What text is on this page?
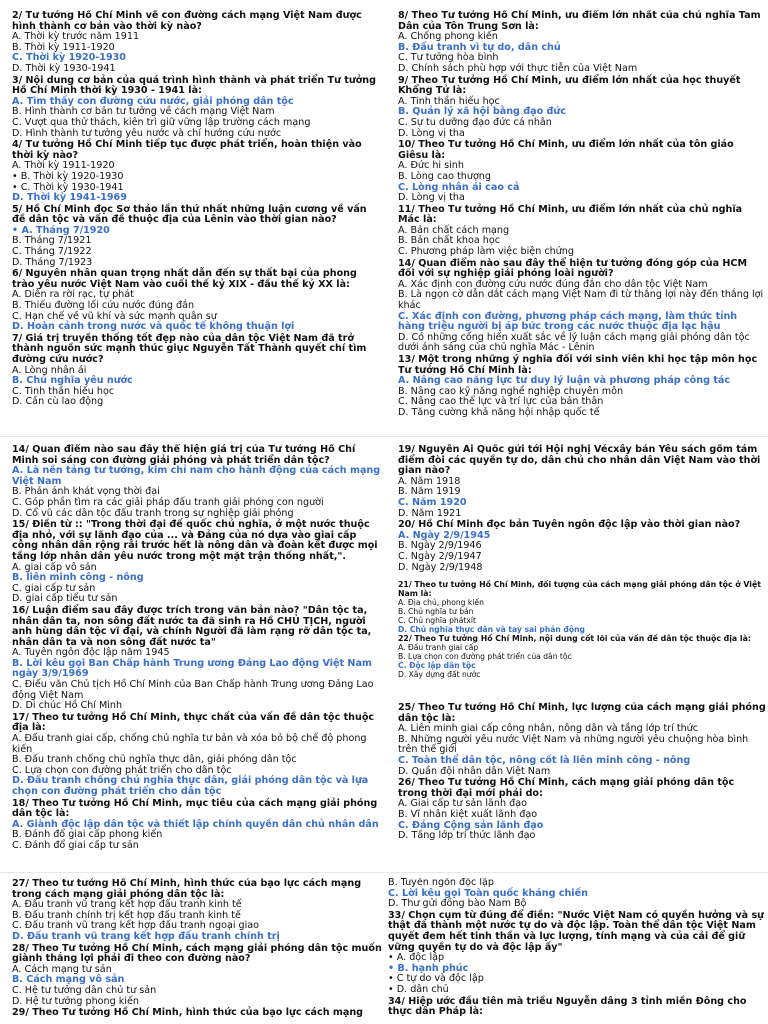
2/ Tư tưởng Hồ Chí Minh về con đường cách mạng Việt Nam được hình thành cơ bản vào thời kỳ nào?
A. Thời kỳ trước năm 1911
B. Thời kỳ 1911-1920
C. Thời kỳ 1920-1930
D. Thời kỳ 1930-1941
3/ Nội dung cơ bản của quá trình hình thành và phát triển Tư tưởng Hồ Chí Minh thời kỳ 1930 - 1941 là:
A. Tìm thấy con đường cứu nước, giải phóng dân tộc
B. Hình thành cơ bản tư tưởng về cách mạng Việt Nam
C. Vượt qua thử thách, kiên trì giữ vững lập trường cách mạng
D. Hình thành tư tưởng yêu nước và chí hướng cứu nước
4/ Tư tưởng Hồ Chí Minh tiếp tục được phát triển, hoàn thiện vào thời kỳ nào?
A. Thời kỳ 1911-1920
• B. Thời kỳ 1920-1930
• C. Thời kỳ 1930-1941
D. Thời kỳ 1941-1969
5/ Hồ Chí Minh đọc Sơ thảo lần thứ nhất những luận cương về vấn đề dân tộc và vấn đề thuộc địa của Lênin vào thời gian nào?
• A. Tháng 7/1920
B. Tháng 7/1921
C. Tháng 7/1922
D. Tháng 7/1923
6/ Nguyên nhân quan trọng nhất dẫn đến sự thất bại của phong trào yêu nước Việt Nam vào cuối thế kỷ XIX - đầu thế kỷ XX là:
A. Diễn ra rời rạc, tự phát
B. Thiếu đường lối cứu nước đúng đắn
C. Hạn chế về vũ khí và sức mạnh quân sự
D. Hoàn cảnh trong nước và quốc tế không thuận lợi
7/ Giá trị truyền thống tốt đẹp nào của dân tộc Việt Nam đã trở thành nguồn sức mạnh thúc giục Nguyễn Tất Thành quyết chí tìm đường cứu nước?
A. Lòng nhân ái
B. Chủ nghĩa yêu nước
C. Tinh thần hiếu học
D. Cần cù lao động
8/ Theo Tư tưởng Hồ Chí Minh, ưu điểm lớn nhất của chủ nghĩa Tam Dân của Tôn Trung Sơn là:
A. Chống phong kiến
B. Đấu tranh vì tự do, dân chủ
C. Tư tưởng hòa bình
D. Chính sách phù hợp với thực tiễn của Việt Nam
9/ Theo Tư tưởng Hồ Chí Minh, ưu điểm lớn nhất của học thuyết Khổng Tử là:
A. Tinh thần hiếu học
B. Quản lý xã hội bằng đạo đức
C. Sự tu dưỡng đạo đức cá nhân
D. Lòng vị tha
10/ Theo Tư tưởng Hồ Chí Minh, ưu điểm lớn nhất của tôn giáo Giêsu là:
A. Đức hi sinh
B. Lòng cao thượng
C. Lòng nhân ái cao cả
D. Lòng vị tha
11/ Theo Tư tưởng Hồ Chí Minh, ưu điểm lớn nhất của chủ nghĩa Mác là:
A. Bản chất cách mạng
B. Bản chất khoa học
C. Phương pháp làm việc biện chứng
14/ Quan điểm nào sau đây thể hiện tư tưởng đóng góp của HCM đối với sự nghiệp giải phóng loài người?
A. Xác định con đường cứu nước đúng đắn cho dân tộc Việt Nam
B. Là ngọn cờ dẫn dắt cách mạng Việt Nam đi từ thắng lợi này đến thắng lợi khác
C. Xác định con đường, phương pháp cách mạng, làm thức tỉnh hàng triệu người bị áp bức trong các nước thuộc địa lạc hậu
D. Có những cống hiến xuất sắc về lý luận cách mạng giải phóng dân tộc dưới ánh sáng của chủ nghĩa Mác - Lênin
13/ Một trong những ý nghĩa đối với sinh viên khi học tập môn học Tư tưởng Hồ Chí Minh là:
A. Nâng cao năng lực tư duy lý luận và phương pháp công tác
B. Nâng cao kỹ năng nghề nghiệp chuyên môn
C. Nâng cao thể lực và trí lực của bản thân
D. Tăng cường khả năng hội nhập quốc tế
14/ Quan điểm nào sau đây thể hiện giá trị của Tư tưởng Hồ Chí Minh soi sáng con đường giải phóng và phát triển dân tộc?
A. Là nền tảng tư tưởng, kim chỉ nam cho hành động của cách mạng Việt Nam
B. Phản ánh khát vọng thời đại
C. Góp phần tìm ra các giải pháp đấu tranh giải phóng con người
D. Cổ vũ các dân tộc đấu tranh trong sự nghiệp giải phóng
15/ Điền từ :: "Trong thời đại đế quốc chủ nghĩa, ở một nước thuộc địa nhỏ, với sự lãnh đạo của ... và Đảng của nó dựa vào giai cấp công nhân dân rộng rãi trước hết là nông dân và đoàn kết được mọi tầng lớp nhân dân yêu nước trong một mặt trận thống nhất,".
A. giai cấp vô sản
B. liên minh công - nông
C. giai cấp tư sản
D. giai cấp tiểu tư sản
16/ Luận điểm sau đây được trích trong văn bản nào? "Dân tộc ta, nhân dân ta, non sông đất nước ta đã sinh ra Hồ CHỦ TỊCH, người anh hùng dân tộc vĩ đại, và chính Người đã làm rạng rỡ dân tộc ta, nhân dân ta và non sông đất nước ta"
A. Tuyên ngôn độc lập năm 1945
B. Lời kêu gọi Ban Chấp hành Trung ương Đảng Lao động Việt Nam ngày 3/9/1969
C. Điếu văn Chủ tịch Hồ Chí Minh của Ban Chấp hành Trung ương Đảng Lao động Việt Nam
D. Di chúc Hồ Chí Minh
17/ Theo tư tưởng Hồ Chí Minh, thực chất của vấn đề dân tộc thuộc địa là:
A. Đấu tranh giai cấp, chống chủ nghĩa tư bản và xóa bỏ bộ chế độ phong kiến
B. Đấu tranh chống chủ nghĩa thực dân, giải phóng dân tộc
C. Lựa chọn con đường phát triển cho dân tộc
D. Đấu tranh chống chủ nghĩa thực dân, giải phóng dân tộc và lựa chọn con đường phát triển cho dân tộc
18/ Theo Tư tưởng Hồ Chí Minh, mục tiêu của cách mạng giải phóng dân tộc là:
A. Giành độc lập dân tộc và thiết lập chính quyền dân chủ nhân dân
B. Đánh đổ giai cấp phong kiến
C. Đánh đổ giai cấp tư sản
19/ Nguyễn Ái Quốc gửi tới Hội nghị Vécxây bản Yêu sách gồm tám điểm đòi các quyền tự do, dân chủ cho nhân dân Việt Nam vào thời gian nào?
A. Năm 1918
B. Năm 1919
C. Năm 1920
D. Năm 1921
20/ Hồ Chí Minh đọc bản Tuyên ngôn độc lập vào thời gian nào?
A. Ngày 2/9/1945
B. Ngày 2/9/1946
C. Ngày 2/9/1947
D. Ngày 2/9/1948
21/ Theo tư tưởng Hồ Chí Minh, đối tượng của cách mạng giải phóng dân tộc ở Việt Nam là:
A. Địa chủ, phong kiến
B. Chủ nghĩa tư bản
C. Chủ nghĩa phátxít
D. Chủ nghĩa thực dân và tay sai phản động
22/ Theo Tư tưởng Hồ Chí Minh, nội dung cốt lõi của vấn đề dân tộc thuộc địa là:
A. Đấu tranh giai cấp
B. Lựa chọn con đường phát triển của dân tộc
C. Độc lập dân tộc
D. Xây dựng đất nước
25/ Theo Tư tưởng Hồ Chí Minh, lực lượng của cách mạng giải phóng dân tộc là:
A. Liên minh giai cấp công nhân, nông dân và tầng lớp trí thức
B. Những người yêu nước Việt Nam và những người yêu chuộng hòa bình trên thế giới
C. Toàn thể dân tộc, nông cốt là liên minh công - nông
D. Quần đội nhân dân Việt Nam
26/ Theo Tư tưởng Hồ Chí Minh, cách mạng giải phóng dân tộc trong thời đại mới phải do:
A. Giai cấp tư sản lãnh đạo
B. Vĩ nhân kiệt xuất lãnh đạo
C. Đảng Cộng sản lãnh đạo
D. Tầng lớp trí thức lãnh đạo
27/ Theo tư tưởng Hồ Chí Minh, hình thức của bạo lực cách mạng trong cách mạng giải phóng dân tộc là:
A. Đấu tranh vũ trang kết hợp đấu tranh kinh tế
B. Đấu tranh chính trị kết hợp đấu tranh kinh tế
C. Đấu tranh vũ trang kết hợp đấu tranh ngoại giao
D. Đấu tranh vũ trang kết hợp đấu tranh chính trị
28/ Theo Tư tưởng Hồ Chí Minh, cách mạng giải phóng dân tộc muốn giành thắng lợi phải đi theo con đường nào?
A. Cách mạng tư sản
B. Cách mạng vô sản
C. Hệ tư tưởng dân chủ tư sản
D. Hệ tư tưởng phong kiến
29/ Theo Tư tưởng Hồ Chí Minh, hình thức của bạo lực cách mạng
B. Tuyên ngôn độc lập
C. Lời kêu gọi Toàn quốc kháng chiến
D. Thư gửi đồng bào Nam Bộ
33/ Chọn cụm từ đúng để điền: "Nước Việt Nam có quyền hưởng và sự thật đã thành một nước tự do và độc lập. Toàn thể dân tộc Việt Nam quyết đem hết tinh thần và lực lượng, tính mạng và của cải để giữ vững quyền tự do và độc lập ấy"
• A. độc lập
• B. hạnh phúc
• C tự do và độc lập
• D. dân chủ
34/ Hiệp ước đầu tiên mà triều Nguyễn dâng 3 tỉnh miền Đông cho thực dân Pháp là:
